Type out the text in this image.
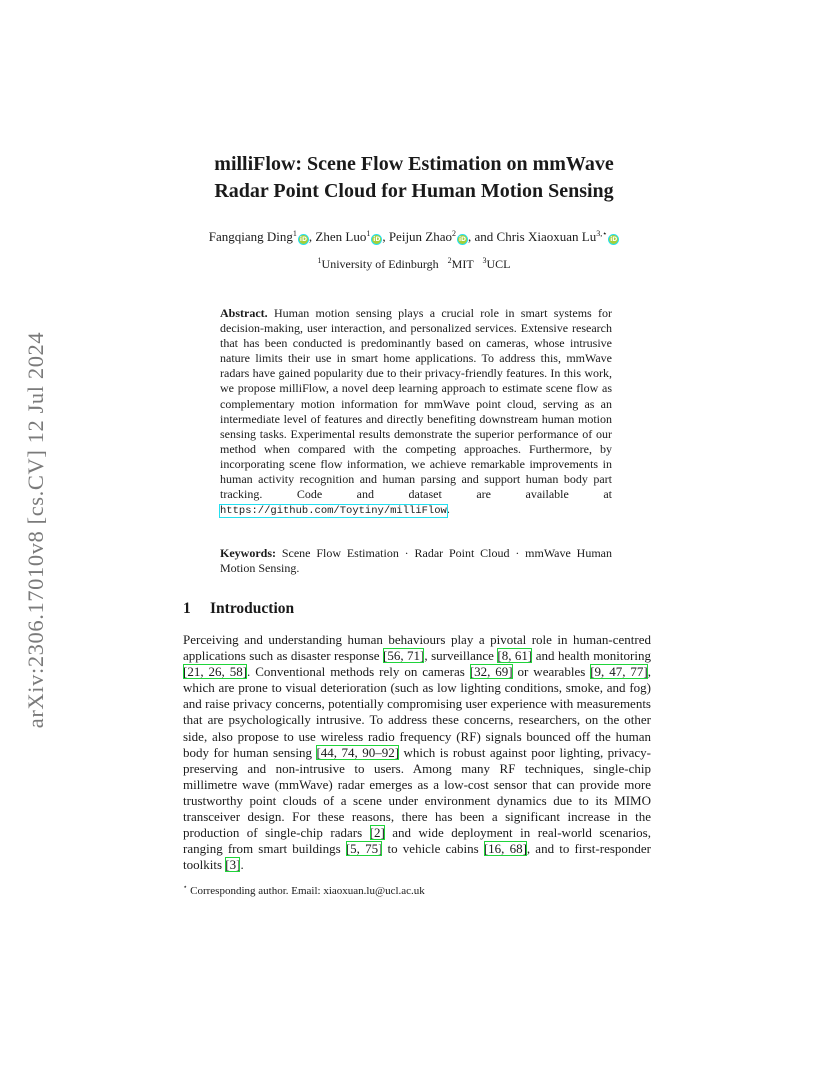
arXiv:2306.17010v8 [cs.CV] 12 Jul 2024
milliFlow: Scene Flow Estimation on mmWave
Radar Point Cloud for Human Motion Sensing
Fangqiang Ding$^1$iD , Zhen Luo$^1$iD , Peijun Zhao$^2$iD , and Chris Xiaoxuan $Lu^{3,⋆}iD$
$^1$University of Edinburgh $^2$MIT $^3$UCL
Abstract. Human motion sensing plays a crucial role in smart systems for decision-making, user interaction, and personalized services. Extensive research that has been conducted is predominantly based on cameras, whose intrusive nature limits their use in smart home applications. To address this, mmWave radars have gained popularity due to their privacy-friendly features. In this work, we propose milliFlow, a novel deep learning approach to estimate scene flow as complementary motion information for mmWave point cloud, serving as an intermediate level of features and directly benefiting downstream human motion sensing tasks. Experimental results demonstrate the superior performance of our method when compared with the competing approaches. Furthermore, by incorporating scene flow information, we achieve remarkable improvements in human activity recognition and human parsing and support human body part tracking. Code and dataset are available at https://github.com/Toytiny/milliFlow.
Keywords: Scene Flow Estimation · Radar Point Cloud · mmWave Human Motion Sensing.
1 Introduction
Perceiving and understanding human behaviours play a pivotal role in human-centred applications such as disaster response [56, 71], surveillance [8, 61] and health monitoring [21, 26, 58]. Conventional methods rely on cameras [32, 69] or wearables [9, 47, 77], which are prone to visual deterioration (such as low lighting conditions, smoke, and fog) and raise privacy concerns, potentially compromising user experience with measurements that are psychologically intrusive. To address these concerns, researchers, on the other side, also propose to use wireless radio frequency (RF) signals bounced off the human body for human sensing [44, 74, 90–92] which is robust against poor lighting, privacy-preserving and non-intrusive to users. Among many RF techniques, single-chip millimetre wave (mmWave) radar emerges as a low-cost sensor that can provide more trustworthy point clouds of a scene under environment dynamics due to its MIMO transceiver design. For these reasons, there has been a significant increase in the production of single-chip radars [2] and wide deployment in real-world scenarios, ranging from smart buildings [5, 75] to vehicle cabins [16, 68], and to first-responder toolkits [3].
⋆ Corresponding author. Email: xiaoxuan.lu@ucl.ac.uk
